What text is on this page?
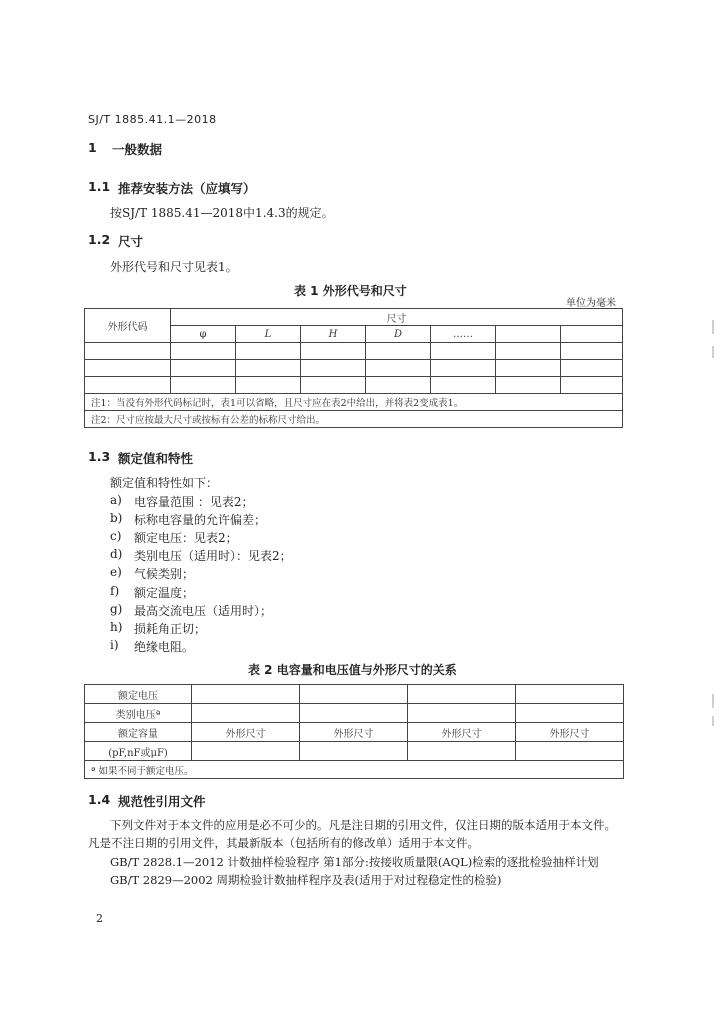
SJ/T 1885.41.1—2018
1 一般数据
1.1 推荐安装方法（应填写）
按SJ/T 1885.41—2018中1.4.3的规定。
1.2 尺寸
外形代号和尺寸见表1。
表 1 外形代号和尺寸
单位为毫米
外形代码	尺寸						
	φ	L	H	D	……		

注1：当没有外形代码标记时，表1可以省略，且尺寸应在表2中给出，并将表2变成表1。							
注2：尺寸应按最大尺寸或按标有公差的标称尺寸给出。							
1.3 额定值和特性
额定值和特性如下：
a) 电容量范围 ：见表2；
b) 标称电容量的允许偏差；
c) 额定电压：见表2；
d) 类别电压（适用时）：见表2；
e) 气候类别；
f) 额定温度；
g) 最高交流电压（适用时）；
h) 损耗角正切；
i) 绝缘电阻。
表 2 电容量和电压值与外形尺寸的关系
额定电压				
类别电压ª				
额定容量	外形尺寸	外形尺寸	外形尺寸	外形尺寸
(pF,nF或μF)				
ª 如果不同于额定电压。				
1.4 规范性引用文件
下列文件对于本文件的应用是必不可少的。凡是注日期的引用文件，仅注日期的版本适用于本文件。
凡是不注日期的引用文件，其最新版本（包括所有的修改单）适用于本文件。
GB/T 2828.1—2012 计数抽样检验程序 第1部分:按接收质量限(AQL)检索的逐批检验抽样计划
GB/T 2829—2002 周期检验计数抽样程序及表(适用于对过程稳定性的检验)
2
